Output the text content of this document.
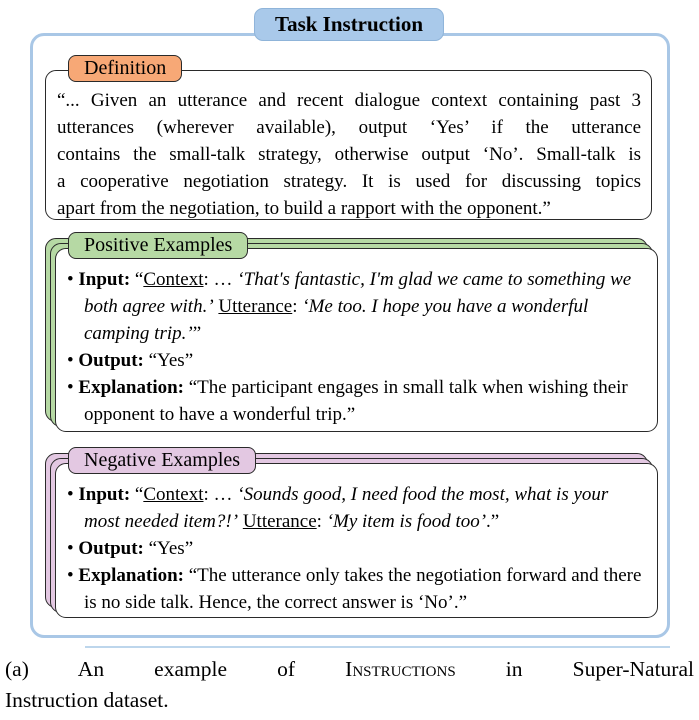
Task Instruction
Definition
“... Given an utterance and recent dialogue context containing past 3
utterances (wherever available), output ‘Yes’ if the utterance
contains the small-talk strategy, otherwise output ‘No’. Small-talk is
a cooperative negotiation strategy. It is used for discussing topics
apart from the negotiation, to build a rapport with the opponent.”
• Input: “Context: … ‘That's fantastic, I'm glad we came to something we both agree with.’ Utterance: ‘Me too. I hope you have a wonderful camping trip.’”
• Output: “Yes”
• Explanation: “The participant engages in small talk when wishing their opponent to have a wonderful trip.”
Positive Examples
• Input: “Context: … ‘Sounds good, I need food the most, what is your most needed item?!’ Utterance: ‘My item is food too’.”
• Output: “Yes”
• Explanation: “The utterance only takes the negotiation forward and there is no side talk. Hence, the correct answer is ‘No’.”
Negative Examples
(a) An example of Instructions in Super-Natural
Instruction dataset.
